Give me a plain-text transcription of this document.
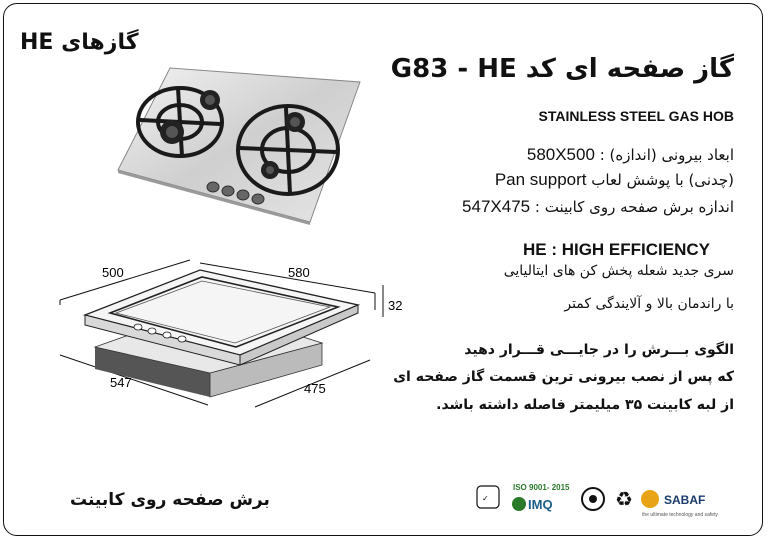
گازهای HE
گاز صفحه ای کد G83 - HE
STAINLESS STEEL GAS HOB
ابعاد بیرونی (اندازه) : 580X500
(چدنی) با پوشش لعاب Pan support
اندازه برش صفحه روی کابینت : 547X475
HE : HIGH EFFICIENCY
سری جدید شعله پخش کن های ایتالیایی
با راندمان بالا و آلایندگی کمتر
الگوی بـــرش را در جایـــی قـــرار دهید
که پس از نصب بیرونی ترین قسمت گاز صفحه ای
از لبه کابینت ۳۵ میلیمتر فاصله داشته باشد.
500	580
32
547	475
برش صفحه روی کابینت	✓
ISO 9001- 2015
IMQ	♻	SABAF
the ultimate technology and safety
